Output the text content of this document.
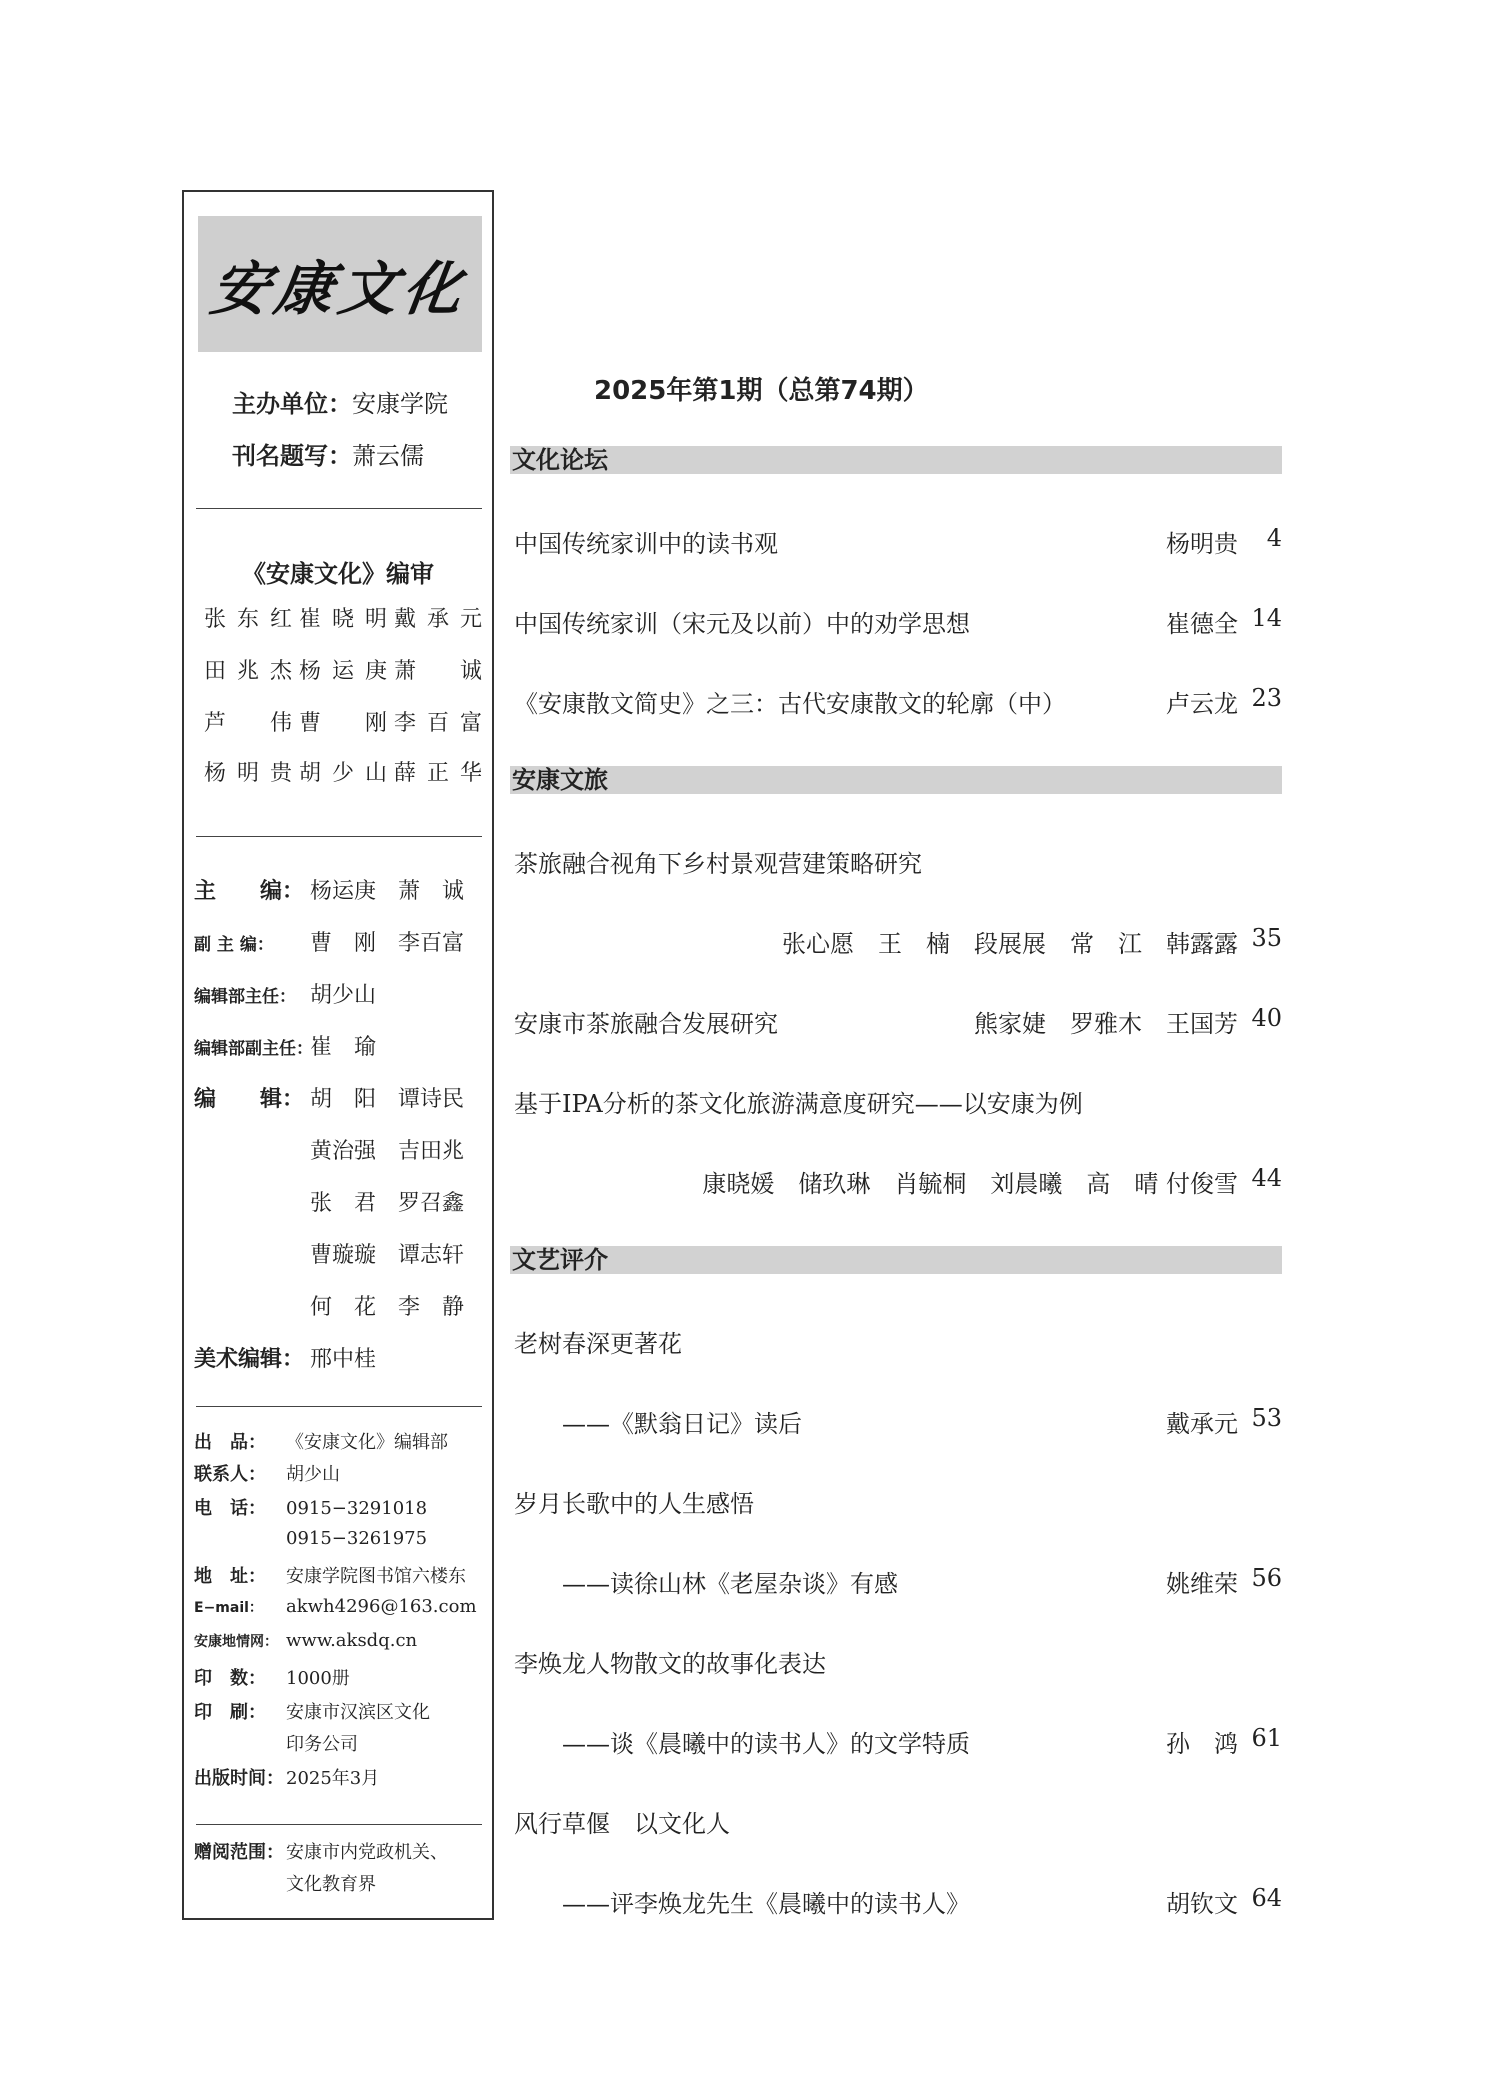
安康文化
主办单位：安康学院
刊名题写：萧云儒
《安康文化》编审
张东红 崔晓明 戴承元
田兆杰 杨运庚 萧　诚
芦　伟 曹　刚 李百富
杨明贵 胡少山 薛正华
主　　编： 杨运庚　萧　诚
副 主 编： 曹　刚　李百富
编辑部主任： 胡少山
编辑部副主任：崔　瑜
编　　辑： 胡　阳　谭诗民
黄治强　吉田兆
张　君　罗召鑫
曹璇璇　谭志轩
何　花　李　静
美术编辑： 邢中桂
出　品： 《安康文化》编辑部
联系人： 胡少山
电　话： 0915−3291018
0915−3261975
地　址： 安康学院图书馆六楼东
E−mail： akwh4296@163.com
安康地情网： www.aksdq.cn
印　数： 1000册
印　刷： 安康市汉滨区文化
印务公司
出版时间： 2025年3月
赠阅范围： 安康市内党政机关、
文化教育界
2025年第1期（总第74期）
文化论坛
安康文旅
文艺评介
中国传统家训中的读书观	杨明贵 4
中国传统家训（宋元及以前）中的劝学思想	崔德全 14
《安康散文简史》之三：古代安康散文的轮廓（中）	卢云龙 23
茶旅融合视角下乡村景观营建策略研究
张心愿　王　楠　段展展　常　江　韩露露 35
安康市茶旅融合发展研究	熊家婕　罗雅木　王国芳 40
基于IPA分析的茶文化旅游满意度研究——以安康为例
康晓媛　储玖琳　肖毓桐　刘晨曦　高　晴 付俊雪 44
老树春深更著花
　　——《默翁日记》读后	戴承元 53
岁月长歌中的人生感悟
　　——读徐山林《老屋杂谈》有感	姚维荣 56
李焕龙人物散文的故事化表达
　　——谈《晨曦中的读书人》的文学特质	孙　鸿 61
风行草偃　以文化人
　　——评李焕龙先生《晨曦中的读书人》	胡钦文 64
